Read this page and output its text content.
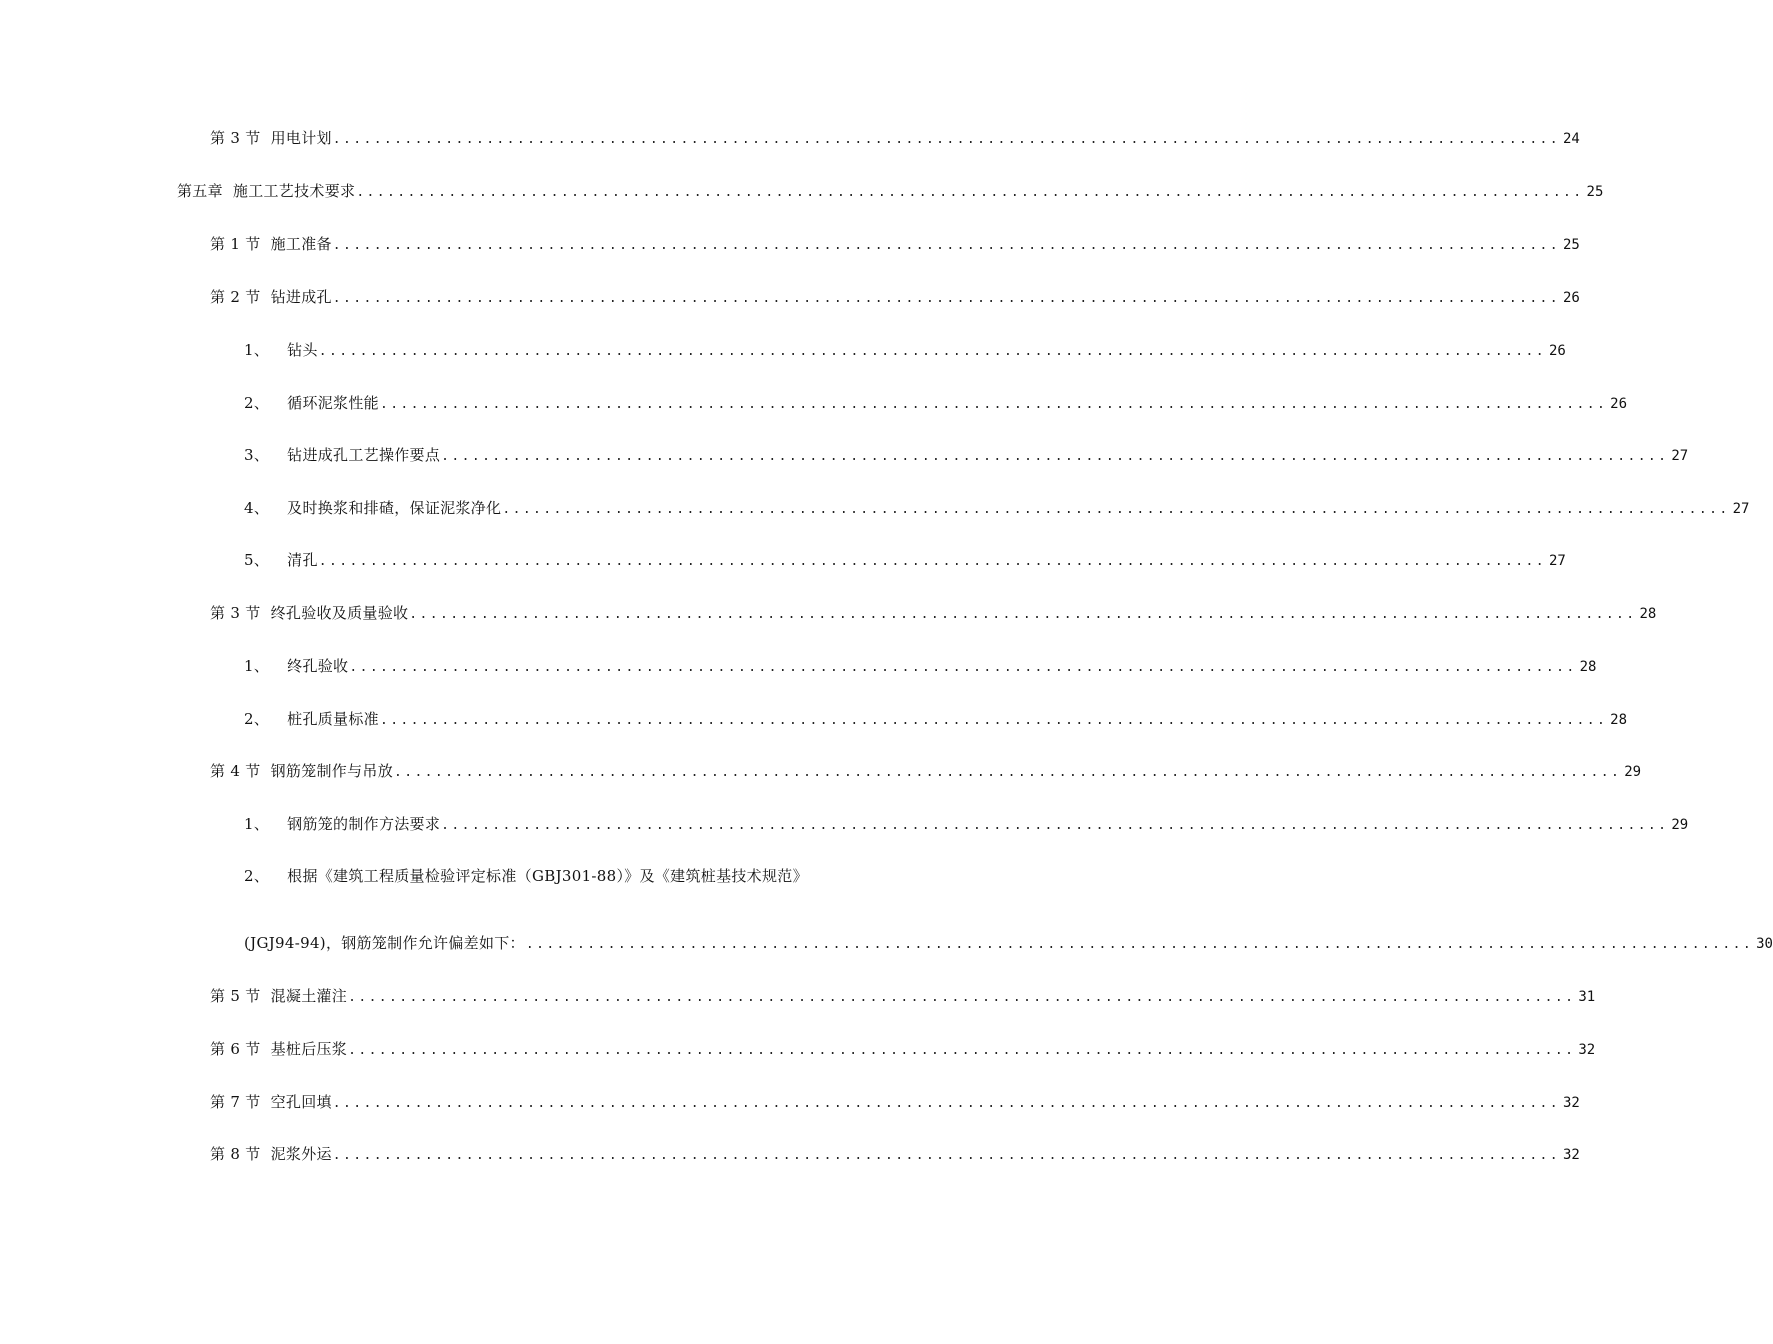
第 3 节 用电计划 ........................................................................................................................ 24
第五章 施工工艺技术要求 ........................................................................................................................ 25
第 1 节 施工准备 ........................................................................................................................ 25
第 2 节 钻进成孔 ........................................................................................................................ 26
1、 钻头 ........................................................................................................................ 26
2、 循环泥浆性能 ........................................................................................................................ 26
3、 钻进成孔工艺操作要点 ........................................................................................................................ 27
4、 及时换浆和排碴，保证泥浆净化 ........................................................................................................................ 27
5、 清孔 ........................................................................................................................ 27
第 3 节 终孔验收及质量验收 ........................................................................................................................ 28
1、 终孔验收 ........................................................................................................................ 28
2、 桩孔质量标准 ........................................................................................................................ 28
第 4 节 钢筋笼制作与吊放 ........................................................................................................................ 29
1、 钢筋笼的制作方法要求 ........................................................................................................................ 29
2、 根据《建筑工程质量检验评定标准（GBJ301-88）》及《建筑桩基技术规范》
(JGJ94-94)，钢筋笼制作允许偏差如下： ........................................................................................................................ 30
第 5 节 混凝土灌注 ........................................................................................................................ 31
第 6 节 基桩后压浆 ........................................................................................................................ 32
第 7 节 空孔回填 ........................................................................................................................ 32
第 8 节 泥浆外运 ........................................................................................................................ 32
